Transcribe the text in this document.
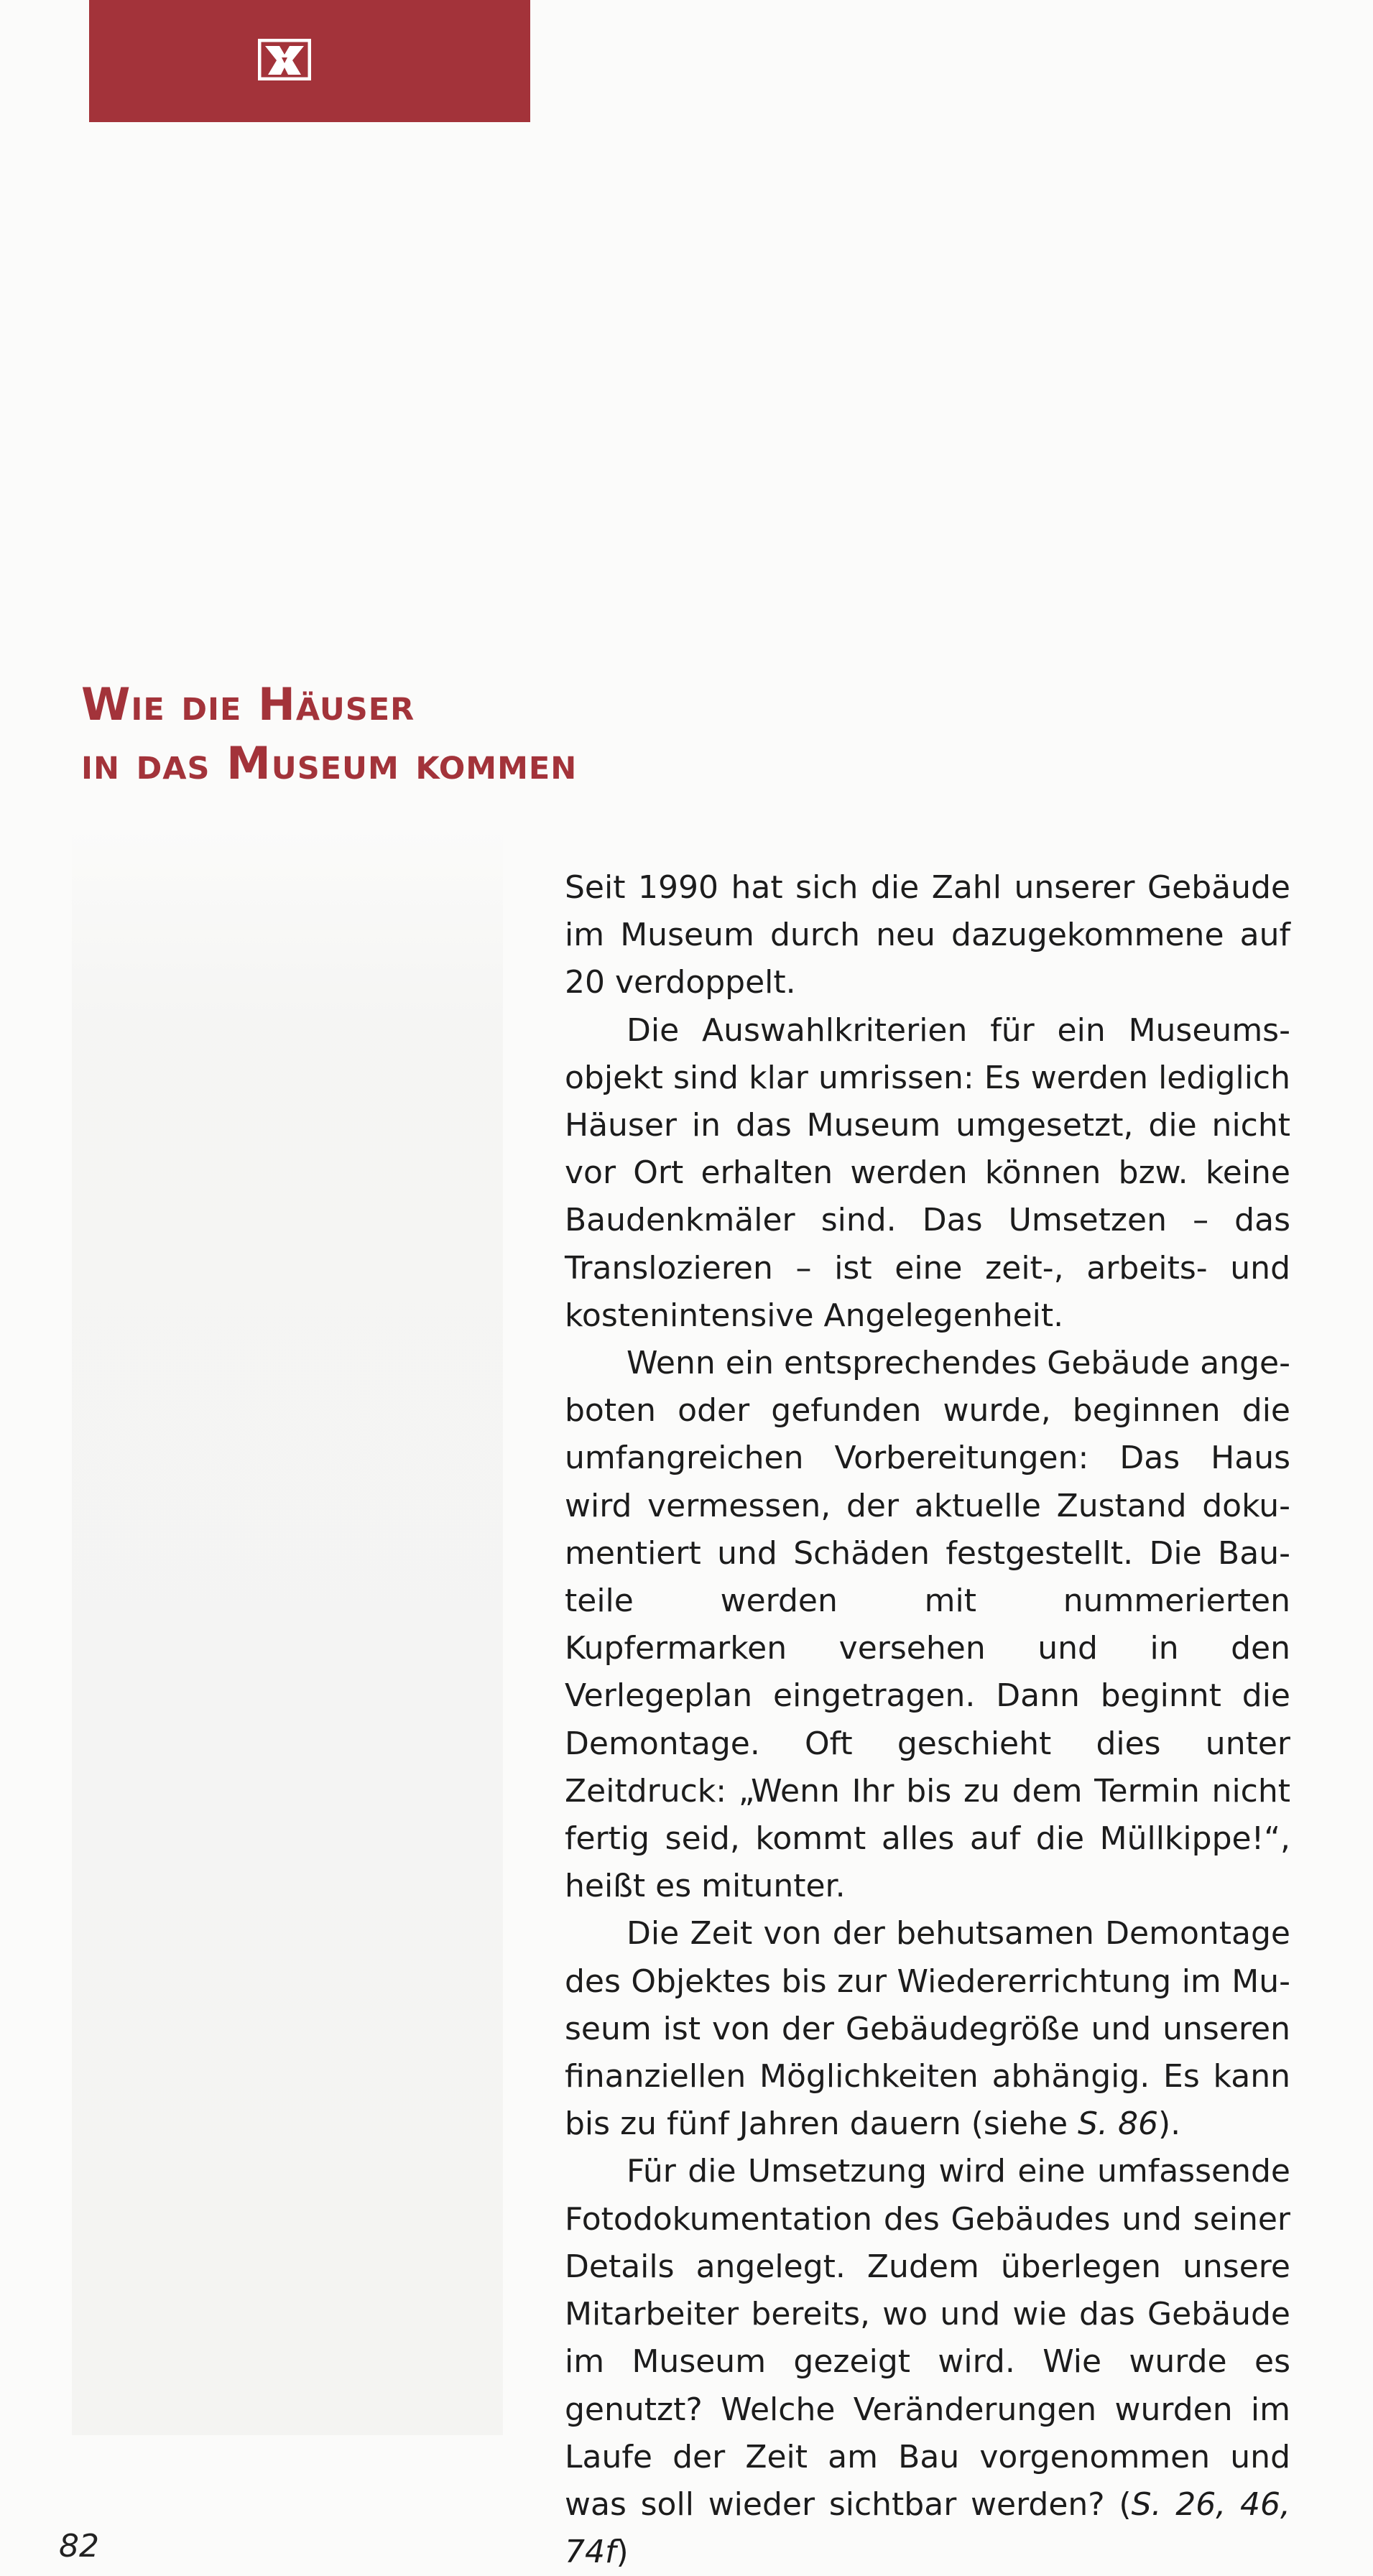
Wie die Häuser
in das Museum kommen

Seit 1990 hat sich die Zahl unserer Gebäude im Museum durch neu dazugekommene auf 20 verdoppelt.

Die Auswahlkriterien für ein Museumsobjekt sind klar umrissen: Es werden lediglich Häuser in das Museum umgesetzt, die nicht vor Ort erhalten werden können bzw. keine Baudenkmäler sind. Das Umsetzen – das Translozieren – ist eine zeit-, arbeits- und kostenintensive Angelegenheit.

Wenn ein entsprechendes Gebäude angeboten oder gefunden wurde, beginnen die umfangreichen Vorbereitungen: Das Haus wird vermessen, der aktuelle Zustand dokumentiert und Schäden festgestellt. Die Bauteile werden mit nummerierten Kupfermarken versehen und in den Verlegeplan eingetragen. Dann beginnt die Demontage. Oft geschieht dies unter Zeitdruck: „Wenn Ihr bis zu dem Termin nicht fertig seid, kommt alles auf die Müllkippe!“, heißt es mitunter.

Die Zeit von der behutsamen Demontage des Objektes bis zur Wiedererrichtung im Museum ist von der Gebäudegröße und unseren finanziellen Möglichkeiten abhängig. Es kann bis zu fünf Jahren dauern (siehe S. 86).

Für die Umsetzung wird eine umfassende Fotodokumentation des Gebäudes und seiner Details angelegt. Zudem überlegen unsere Mitarbeiter bereits, wo und wie das Gebäude im Museum gezeigt wird. Wie wurde es genutzt? Welche Veränderungen wurden im Laufe der Zeit am Bau vorgenommen und was soll wieder sichtbar werden? (S. 26, 46, 74f)

82
